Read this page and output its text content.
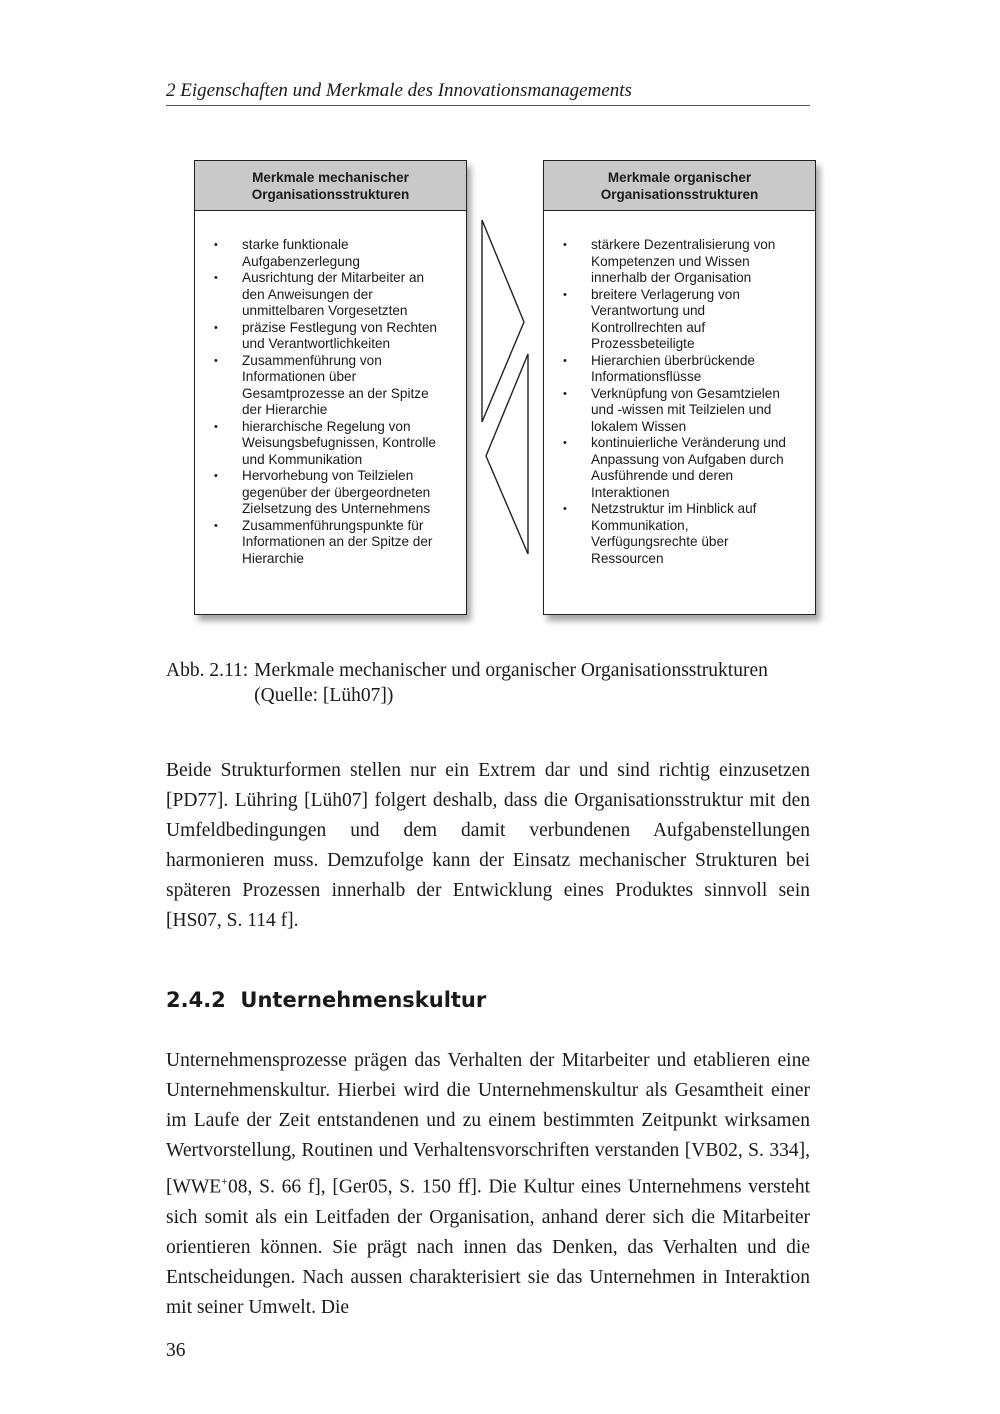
2 Eigenschaften und Merkmale des Innovationsmanagements
Merkmale mechanischer
Organisationsstrukturen
• starke funktionale Aufgabenzerlegung
• Ausrichtung der Mitarbeiter an den Anweisungen der unmittelbaren Vorgesetzten
• präzise Festlegung von Rechten und Verantwortlichkeiten
• Zusammenführung von Informationen über Gesamtprozesse an der Spitze der Hierarchie
• hierarchische Regelung von Weisungsbefugnissen, Kontrolle und Kommunikation
• Hervorhebung von Teilzielen gegenüber der übergeordneten Zielsetzung des Unternehmens
• Zusammenführungspunkte für Informationen an der Spitze der Hierarchie
Merkmale organischer
Organisationsstrukturen
• stärkere Dezentralisierung von Kompetenzen und Wissen innerhalb der Organisation
• breitere Verlagerung von Verantwortung und Kontrollrechten auf Prozessbeteiligte
• Hierarchien überbrückende Informationsflüsse
• Verknüpfung von Gesamtzielen und -wissen mit Teilzielen und lokalem Wissen
• kontinuierliche Veränderung und Anpassung von Aufgaben durch Ausführende und deren Interaktionen
• Netzstruktur im Hinblick auf Kommunikation, Verfügungsrechte über Ressourcen
Abb. 2.11: Merkmale mechanischer und organischer Organisationsstrukturen
(Quelle: [Lüh07])

Beide Strukturformen stellen nur ein Extrem dar und sind richtig einzusetzen [PD77]. Lühring [Lüh07] folgert deshalb, dass die Organisationsstruktur mit den Umfeldbedingungen und dem damit verbundenen Aufgabenstellungen harmonieren muss. Demzufolge kann der Einsatz mechanischer Strukturen bei späteren Prozessen innerhalb der Entwicklung eines Produktes sinnvoll sein [HS07, S. 114 f].

2.4.2 Unternehmenskultur

Unternehmensprozesse prägen das Verhalten der Mitarbeiter und etablieren eine Unternehmenskultur. Hierbei wird die Unternehmenskultur als Gesamtheit einer im Laufe der Zeit entstandenen und zu einem bestimmten Zeitpunkt wirksamen Wertvorstellung, Routinen und Verhaltensvorschriften verstanden [VB02, S. 334], [WWE+08, S. 66 f], [Ger05, S. 150 ff]. Die Kultur eines Unternehmens versteht sich somit als ein Leitfaden der Organisation, anhand derer sich die Mitarbeiter orientieren können. Sie prägt nach innen das Denken, das Verhalten und die Entscheidungen. Nach aussen charakterisiert sie das Unternehmen in Interaktion mit seiner Umwelt. Die

36
